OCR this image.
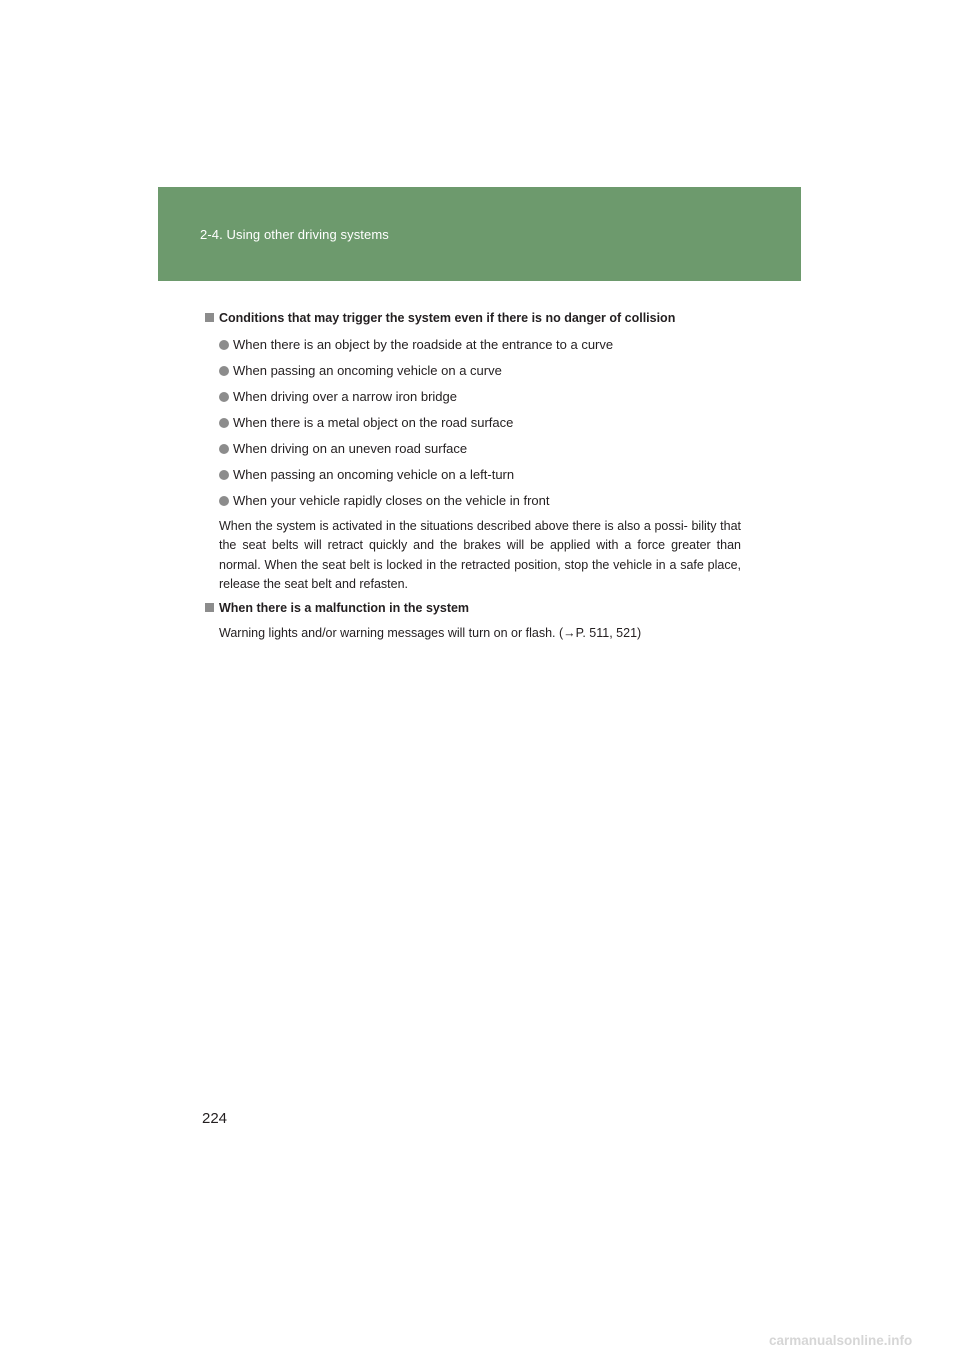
2-4. Using other driving systems
Conditions that may trigger the system even if there is no danger of collision
When there is an object by the roadside at the entrance to a curve
When passing an oncoming vehicle on a curve
When driving over a narrow iron bridge
When there is a metal object on the road surface
When driving on an uneven road surface
When passing an oncoming vehicle on a left-turn
When your vehicle rapidly closes on the vehicle in front

When the system is activated in the situations described above there is also a possi- bility that the seat belts will retract quickly and the brakes will be applied with a force greater than normal. When the seat belt is locked in the retracted position, stop the vehicle in a safe place, release the seat belt and refasten.

When there is a malfunction in the system

Warning lights and/or warning messages will turn on or flash. (→P. 511, 521)

224
carmanualsonline.info
